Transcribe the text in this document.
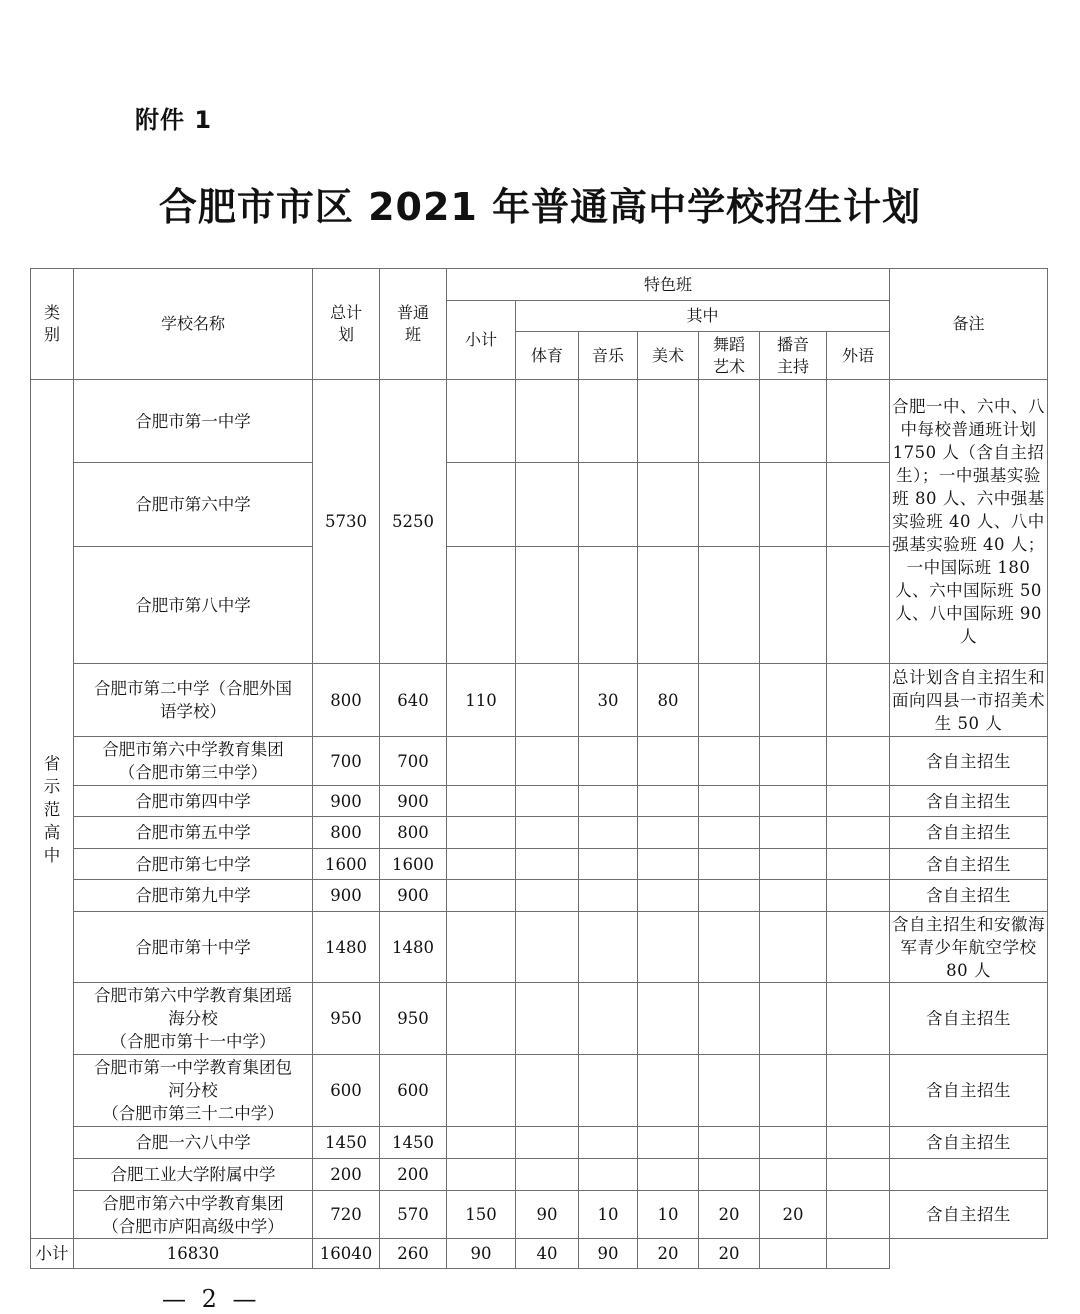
附件 1
合肥市市区 2021 年普通高中学校招生计划
类别	学校名称	总计划	普通班	特色班							备注
				小计	其中						
					体育	音乐	美术	舞蹈艺术	播音主持	外语	
省示范高中	合肥市第一中学	5730	5250								合肥一中、六中、八中每校普通班计划 1750 人（含自主招生）；一中强基实验班 80 人、六中强基实验班 40 人、八中强基实验班 40 人；一中国际班 180 人、六中国际班 50 人、八中国际班 90 人
	合肥市第六中学										
	合肥市第八中学										

	合肥市第二中学（合肥外国
语学校）	800	640	110		30	80				总计划含自主招生和面向四县一市招美术生 50 人

	合肥市第六中学教育集团
（合肥市第三中学）	700	700								含自主招生
	合肥市第四中学	900	900								含自主招生
	合肥市第五中学	800	800								含自主招生
	合肥市第七中学	1600	1600								含自主招生
	合肥市第九中学	900	900								含自主招生
	合肥市第十中学	1480	1480								含自主招生和安徽海军青少年航空学校 80 人

	合肥市第六中学教育集团瑶
海分校
（合肥市第十一中学）	950	950								含自主招生

	合肥市第一中学教育集团包
河分校
（合肥市第三十二中学）	600	600								含自主招生
	合肥一六八中学	1450	1450								含自主招生
	合肥工业大学附属中学	200	200								

	合肥市第六中学教育集团
（合肥市庐阳高级中学）	720	570	150	90	10	10	20	20		含自主招生
小计	16830	16040	260	90	40	90	20	20			
— 2 —
